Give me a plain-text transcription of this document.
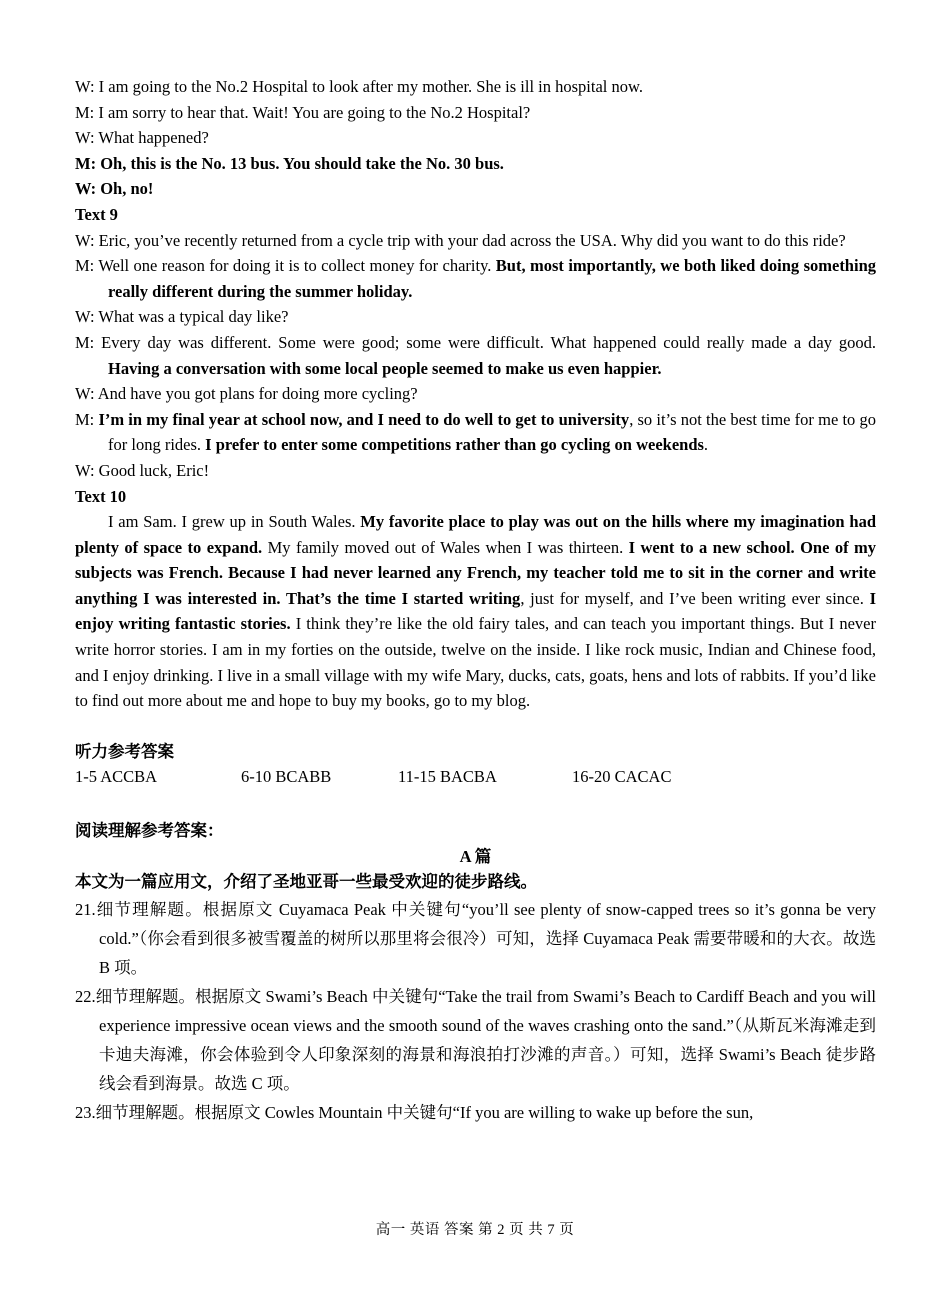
W: I am going to the No.2 Hospital to look after my mother. She is ill in hospital now.
M: I am sorry to hear that. Wait! You are going to the No.2 Hospital?
W: What happened?
M: Oh, this is the No. 13 bus. You should take the No. 30 bus.
W: Oh, no!
Text 9
W: Eric, you’ve recently returned from a cycle trip with your dad across the USA. Why did you want to do this ride?
M: Well one reason for doing it is to collect money for charity. But, most importantly, we both liked doing something really different during the summer holiday.
W: What was a typical day like?
M: Every day was different. Some were good; some were difficult. What happened could really made a day good. Having a conversation with some local people seemed to make us even happier.
W: And have you got plans for doing more cycling?
M: I’m in my final year at school now, and I need to do well to get to university, so it’s not the best time for me to go for long rides. I prefer to enter some competitions rather than go cycling on weekends.
W: Good luck, Eric!
Text 10
I am Sam. I grew up in South Wales. My favorite place to play was out on the hills where my imagination had plenty of space to expand. My family moved out of Wales when I was thirteen. I went to a new school. One of my subjects was French. Because I had never learned any French, my teacher told me to sit in the corner and write anything I was interested in. That’s the time I started writing, just for myself, and I’ve been writing ever since. I enjoy writing fantastic stories. I think they’re like the old fairy tales, and can teach you important things. But I never write horror stories. I am in my forties on the outside, twelve on the inside. I like rock music, Indian and Chinese food, and I enjoy drinking. I live in a small village with my wife Mary, ducks, cats, goats, hens and lots of rabbits. If you’d like to find out more about me and hope to buy my books, go to my blog.
听力参考答案
1-5 ACCBA	6-10 BCABB	11-15 BACBA	16-20 CACAC
阅读理解参考答案：
A 篇
本文为一篇应用文，介绍了圣地亚哥一些最受欢迎的徒步路线。
21.细节理解题。根据原文 Cuyamaca Peak 中关键句“you’ll see plenty of snow-capped trees so it’s gonna be very cold.”（你会看到很多被雪覆盖的树所以那里将会很冷）可知，选择 Cuyamaca Peak 需要带暖和的大衣。故选 B 项。
22.细节理解题。根据原文 Swami’s Beach 中关键句“Take the trail from Swami’s Beach to Cardiff Beach and you will experience impressive ocean views and the smooth sound of the waves crashing onto the sand.”（从斯瓦米海滩走到卡迪夫海滩，你会体验到令人印象深刻的海景和海浪拍打沙滩的声音。）可知，选择 Swami’s Beach 徒步路线会看到海景。故选 C 项。
23.细节理解题。根据原文 Cowles Mountain 中关键句“If you are willing to wake up before the sun,
高一 英语 答案 第 2 页 共 7 页
